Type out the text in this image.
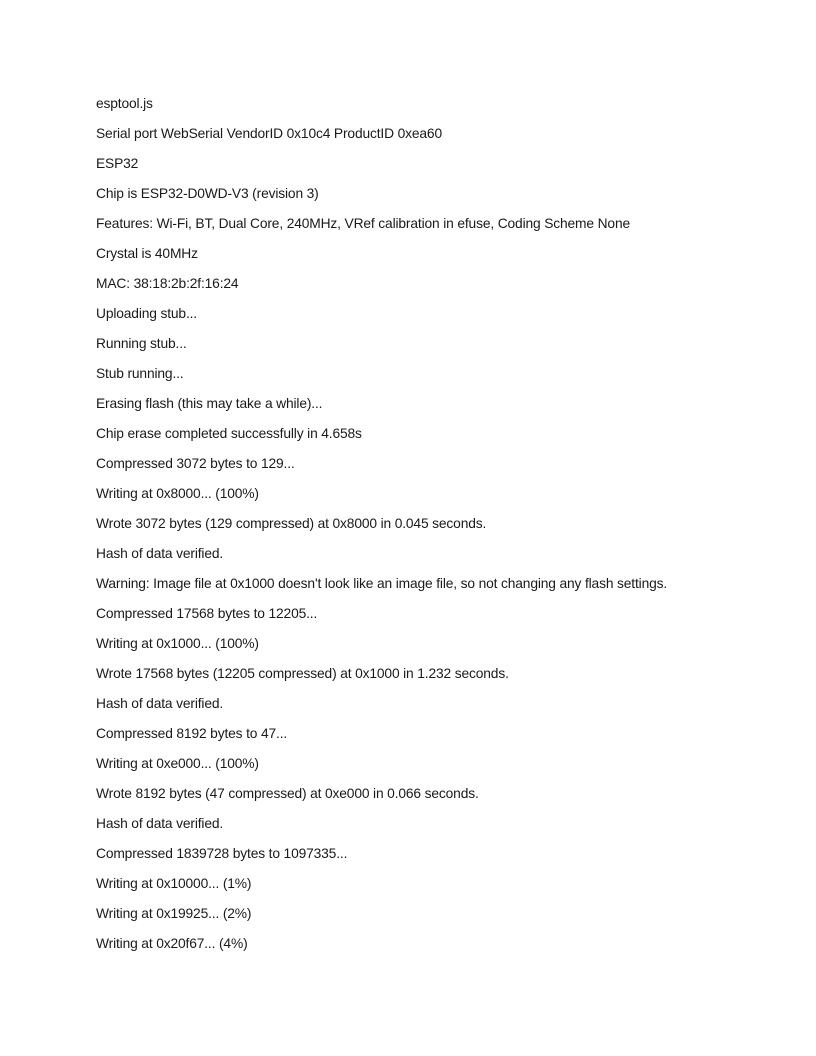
esptool.js
Serial port WebSerial VendorID 0x10c4 ProductID 0xea60
ESP32
Chip is ESP32-D0WD-V3 (revision 3)
Features: Wi-Fi, BT, Dual Core, 240MHz, VRef calibration in efuse, Coding Scheme None
Crystal is 40MHz
MAC: 38:18:2b:2f:16:24
Uploading stub...
Running stub...
Stub running...
Erasing flash (this may take a while)...
Chip erase completed successfully in 4.658s
Compressed 3072 bytes to 129...
Writing at 0x8000... (100%)
Wrote 3072 bytes (129 compressed) at 0x8000 in 0.045 seconds.
Hash of data verified.
Warning: Image file at 0x1000 doesn't look like an image file, so not changing any flash settings.
Compressed 17568 bytes to 12205...
Writing at 0x1000... (100%)
Wrote 17568 bytes (12205 compressed) at 0x1000 in 1.232 seconds.
Hash of data verified.
Compressed 8192 bytes to 47...
Writing at 0xe000... (100%)
Wrote 8192 bytes (47 compressed) at 0xe000 in 0.066 seconds.
Hash of data verified.
Compressed 1839728 bytes to 1097335...
Writing at 0x10000... (1%)
Writing at 0x19925... (2%)
Writing at 0x20f67... (4%)
